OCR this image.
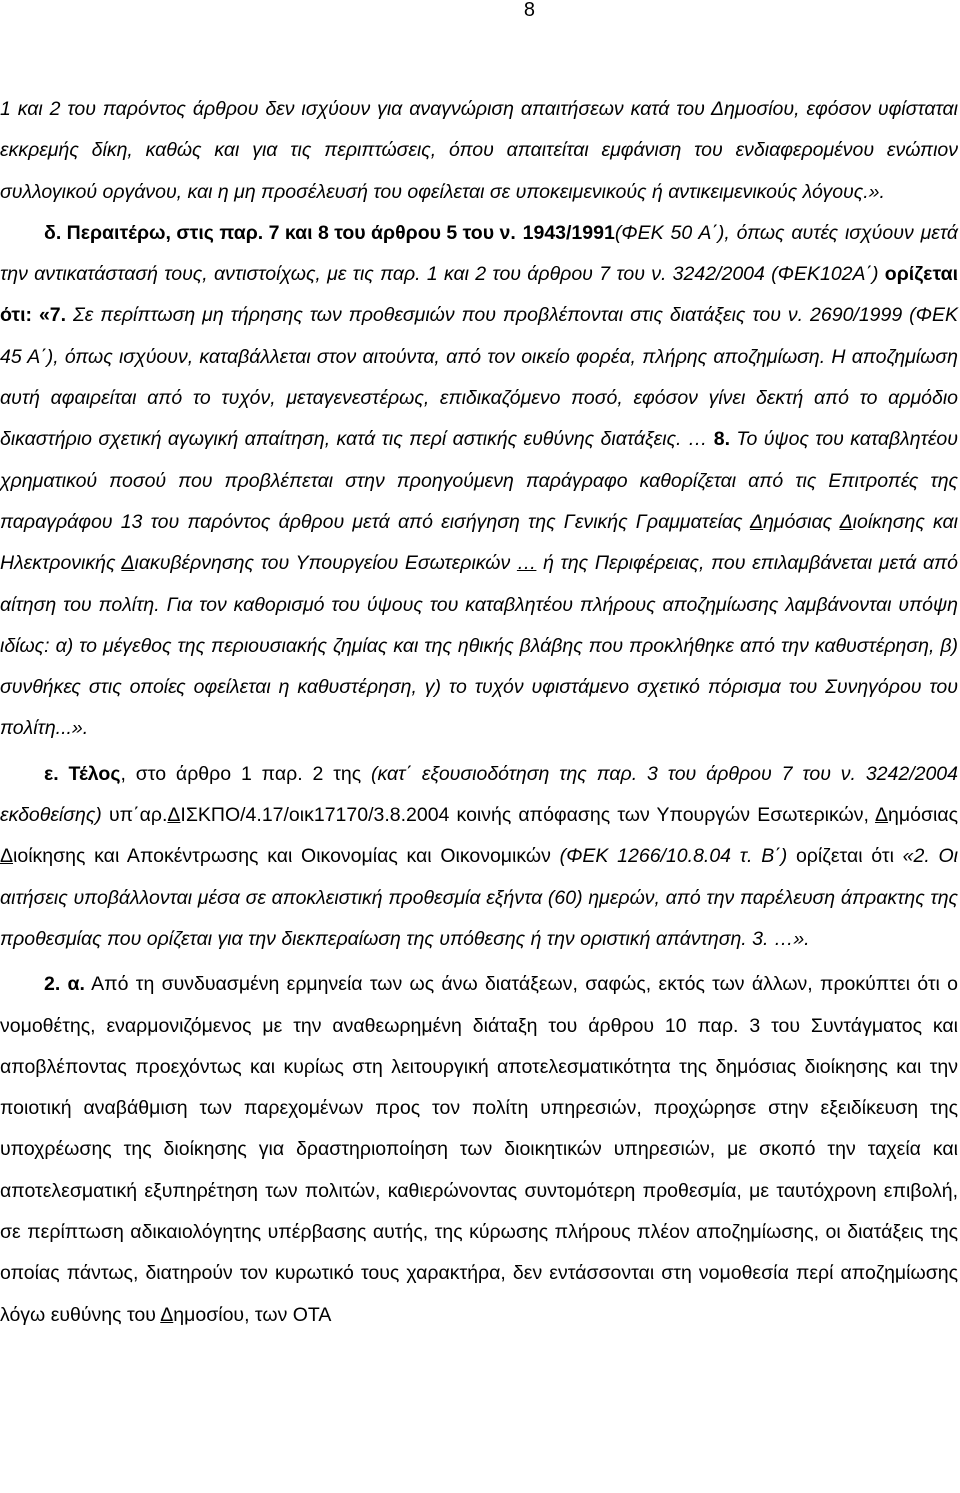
8

1 και 2 του παρόντος άρθρου δεν ισχύουν για αναγνώριση απαιτήσεων κατά του Δημοσίου, εφόσον υφίσταται εκκρεμής δίκη, καθώς και για τις περιπτώσεις, όπου απαιτείται εμφάνιση του ενδιαφερομένου ενώπιον συλλογικού οργάνου, και η μη προσέλευσή του οφείλεται σε υποκειμενικούς ή αντικειμενικούς λόγους.».
δ. Περαιτέρω, στις παρ. 7 και 8 του άρθρου 5 του ν. 1943/1991(ΦΕΚ 50 Α΄), όπως αυτές ισχύουν μετά την αντικατάστασή τους, αντιστοίχως, με τις παρ. 1 και 2 του άρθρου 7 του ν. 3242/2004 (ΦΕΚ102Α΄) ορίζεται ότι: «7. Σε περίπτωση μη τήρησης των προθεσμιών που προβλέπονται στις διατάξεις του ν. 2690/1999 (ΦΕΚ 45 Α΄), όπως ισχύουν, καταβάλλεται στον αιτούντα, από τον οικείο φορέα, πλήρης αποζημίωση. Η αποζημίωση αυτή αφαιρείται από το τυχόν, μεταγενεστέρως, επιδικαζόμενο ποσό, εφόσον γίνει δεκτή από το αρμόδιο δικαστήριο σχετική αγωγική απαίτηση, κατά τις περί αστικής ευθύνης διατάξεις. … 8. Το ύψος του καταβλητέου χρηματικού ποσού που προβλέπεται στην προηγούμενη παράγραφο καθορίζεται από τις Επιτροπές της παραγράφου 13 του παρόντος άρθρου μετά από εισήγηση της Γενικής Γραμματείας Δημόσιας Διοίκησης και Ηλεκτρονικής Διακυβέρνησης του Υπουργείου Εσωτερικών … ή της Περιφέρειας, που επιλαμβάνεται μετά από αίτηση του πολίτη. Για τον καθορισμό του ύψους του καταβλητέου πλήρους αποζημίωσης λαμβάνονται υπόψη ιδίως: α) το μέγεθος της περιουσιακής ζημίας και της ηθικής βλάβης που προκλήθηκε από την καθυστέρηση, β) συνθήκες στις οποίες οφείλεται η καθυστέρηση, γ) το τυχόν υφιστάμενο σχετικό πόρισμα του Συνηγόρου του πολίτη...».

ε. Τέλος, στο άρθρο 1 παρ. 2 της (κατ΄ εξουσιοδότηση της παρ. 3 του άρθρου 7 του ν. 3242/2004 εκδοθείσης) υπ΄αρ.ΔΙΣΚΠΟ/4.17/οικ17170/3.8.2004 κοινής απόφασης των Υπουργών Εσωτερικών, Δημόσιας Διοίκησης και Αποκέντρωσης και Οικονομίας και Οικονομικών (ΦΕΚ 1266/10.8.04 τ. Β΄) ορίζεται ότι «2. Οι αιτήσεις υποβάλλονται μέσα σε αποκλειστική προθεσμία εξήντα (60) ημερών, από την παρέλευση άπρακτης της προθεσμίας που ορίζεται για την διεκπεραίωση της υπόθεσης ή την οριστική απάντηση. 3. …».

2. α. Από τη συνδυασμένη ερμηνεία των ως άνω διατάξεων, σαφώς, εκτός των άλλων, προκύπτει ότι ο νομοθέτης, εναρμονιζόμενος με την αναθεωρημένη διάταξη του άρθρου 10 παρ. 3 του Συντάγματος και αποβλέποντας προεχόντως και κυρίως στη λειτουργική αποτελεσματικότητα της δημόσιας διοίκησης και την ποιοτική αναβάθμιση των παρεχομένων προς τον πολίτη υπηρεσιών, προχώρησε στην εξειδίκευση της υποχρέωσης της διοίκησης για δραστηριοποίηση των διοικητικών υπηρεσιών, με σκοπό την ταχεία και αποτελεσματική εξυπηρέτηση των πολιτών, καθιερώνοντας συντομότερη προθεσμία, με ταυτόχρονη επιβολή, σε περίπτωση αδικαιολόγητης υπέρβασης αυτής, της κύρωσης πλήρους πλέον αποζημίωσης, οι διατάξεις της οποίας πάντως, διατηρούν τον κυρωτικό τους χαρακτήρα, δεν εντάσσονται στη νομοθεσία περί αποζημίωσης λόγω ευθύνης του Δημοσίου, των ΟΤΑ
